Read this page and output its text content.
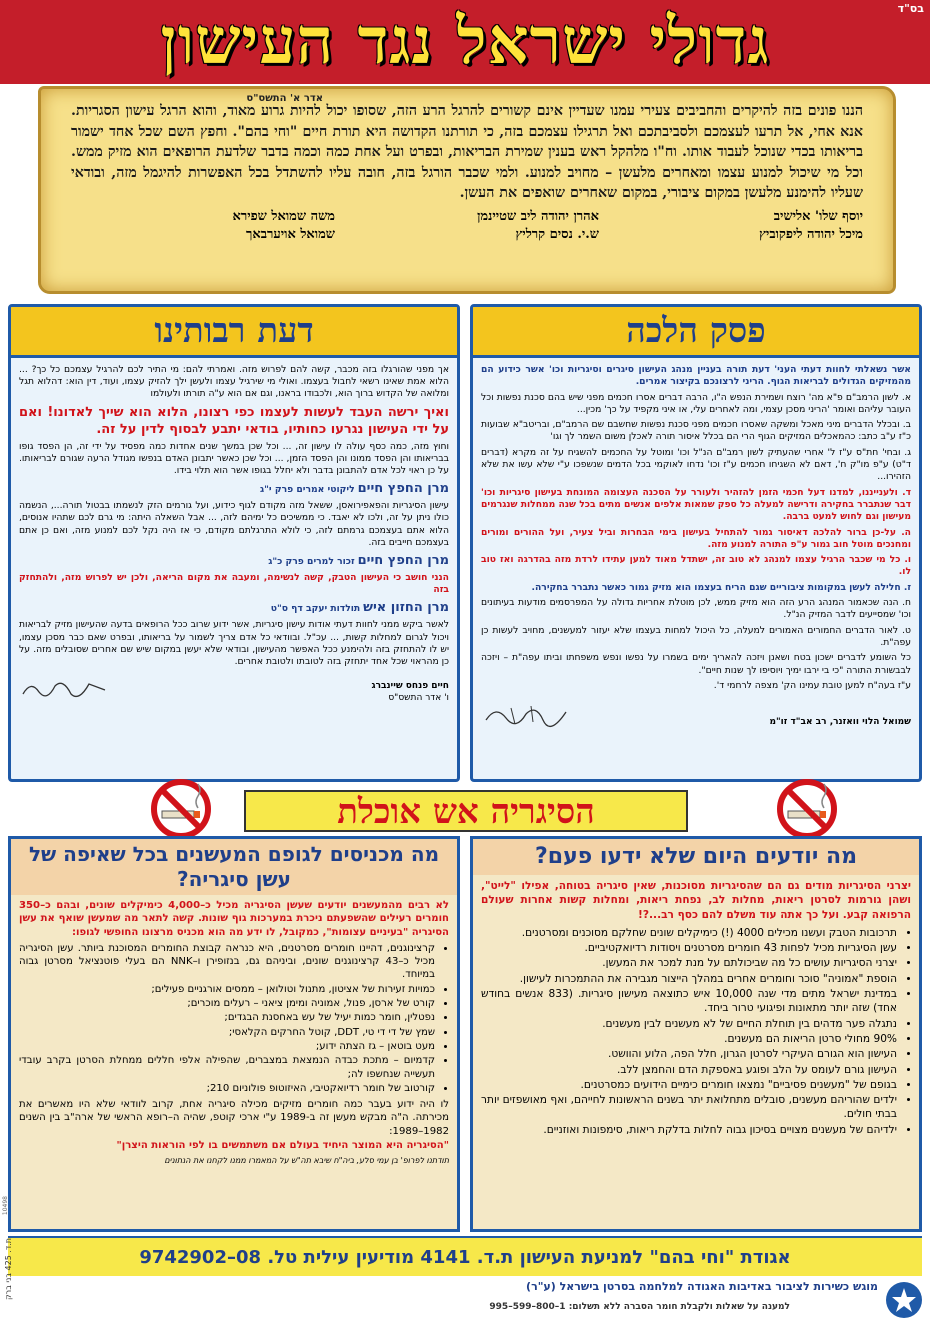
בס"ד
גדולי ישראל נגד העישון
אדר א' התשס"ס
הננו פונים בזה להיקרים והחביבים צעירי עמנו שעדיין אינם קשורים להרגל הרע הזה, שסופו יכול להיות גרוע מאוד, והוא הרגל עישון הסגריות. אנא אחי, אל תרעו לעצמכם ולסביבתכם ואל תרגילו עצמכם בזה, כי תורתנו הקדושה היא תורת חיים "וחי בהם". וחפץ השם שכל אחד ישמור בריאותו בכדי שנוכל לעבוד אותו. וח"ו מלהקל ראש בענין שמירת הבריאות, ובפרט ועל אחת כמה וכמה בדבר שלדעת הרופאים הוא מזיק ממש. וכל מי שיכול למנוע עצמו ומאחרים מלעשן – מחויב למנוע. ולמי שכבר הורגל בזה, חובה עליו להשתדל בכל האפשרות להיגמל מזה, ובודאי שעליו להימנע מלעשן במקום ציבורי, במקום שאחרים שואפים את העשן.
יוסף שלו' אלישיב
אהרן יהודה ליב שטיינמן
משה שמואל שפירא
מיכל יהודה ליפקוביץ
ש.י. נסים קרליץ
שמואל אויערבאך
פסק הלכה

אשר נשאלתי לחוות דעתי העני' דעת תורה בעניין מנהג העישון סיגרים וסיגריות וכו' אשר כידוע הם מהמזיקים הגדולים לבריאות הגוף. הריני לרצונכם בקיצור אמרים.

א. לשון הרמב"ם פ"א מה' רוצח ושמירת הנפש ה"ו, הרבה דברים אסרו חכמים מפני שיש בהם סכנת נפשות וכל העובר עליהם ואומר 'הריני מסכן עצמי, ומה לאחרים עלי, או איני מקפיד על כך' מכין...

ב. ובכלל הדברים מיני מאכל ומשקה שאסרו חכמים מפני סכנת נפשות שחשבם שם הרמב"ם, ובריטב"א שבועות כ"ז ע"ב כתב: כהמאכלים המזיקים הגוף הרי הם בכלל איסור תורה לאכלן משום השמר לך וגו'

ג. ובחי' חת"ס ע"ז ל' אחרי שהעתיק לשון רמב"ם הנ"ל וכו' ומוטל על החכמים להשגיח על זה מקרא (דברים ד"ט) ע"פ מו"ק ח', דאם לא השגיחו חכמים ע"ז וכו' נדחו לאוקמי בכל הדמים שנשפכו ע"י שלא עשו את שלא הזהירו...

ד. ולענייננו, למדנו דעל חכמי הזמן להזהיר ולעורר על הסכנה העצומה המונחת בעישון סיגריות וכו' דבר שנתברר בחקירה ודרישה למעלה כל ספק שמאות אלפים אנשים מתים בכל שנה ממחלות שנגרמים מעישון וגם לחוש למעט ברבה.

ה. על-כן ברור להלכה דאיסור גמור להתחיל בעישון בימי הבחרות וביל צעיר, ועל ההורים ומורים ומחנכים מוטל חוב גמור ע"פ התורה למנוע מזה.

ו. כל מי שכבר הרגיל עצמו למנהג לא טוב זה, ישתדל מאוד למען עתידו לרדת מזה בהדרגה ואז טוב לו.

ז. חלילה לעשן במקומות ציבוריים שגם הריח בעצמו הוא מזיק גמור כאשר נתברר בחקירה.

ח. הנה שכאמור המנהג הרע הזה הוא מזיק ממש, לכן מוטלת אחריות גדולה על המפרסמים מודעות בעיתונים וכו' שמסייעים לדבר המזיק הנ"ל.

ט. לאור הדברים החמורים האמורים למעלה, כל היכול למחות בעצמו שלא יעזור למעשנים, מחויב לעשות כן עפה"ת.

כל השומע לדברים ישכון בטח ושאנן ויזכה להאריך ימים בשמרו על נפשו ונפש משפחתו וביתו עפה"ת – ויזכה לבבשורת התורה "כי בי ירבו ימיך ויוסיפו לך שנות חיים".

ע"ז בעה"ח למען טובת עמינו הק' מצפה לרחמי ד'.

שמואל הלוי וואזנר, רב אב"ד זו"מ
דעת רבותינו

אך מפני שהורגלו בזה מכבר, קשה להם לפרוש מזה. ואמרתי להם: מי התיר לכם להרגיל עצמכם כל כך? ... הלוא אמת שאינו רשאי לחבול בעצמו. ואולי מי שירגיל עצמו ולעשן ילך להזיק עצמו, ועוד, דין הוא: דהלוא תגל ומלואה של הקדוש ברוך הוא, ולכבודו בראנו, וגם אם הוא ע"ה תורתו ולעולמו

ואיך ירשה העבד לעשות לעצמו כפי רצונו, הלוא הוא שייך לאדונו! ואם על ידי העישון נגרעו כחותיו, בודאי יתבע לבסוף לדין על זה.

וחוץ מזה, כמה כסף עולה לו עישון זה, ... וכל שכן במשך שנים אחדות כמה מפסיד על ידי זה, הן הפסד גופו בבריאותו והן הפסד ממונו והן הפסד הזמן, ... וכל שכן כאשר יתבונן האדם בנפשו מגודל הרעה שגורם לבריאותו. על כן ראוי לכל אדם להתבונן בדבר ולא יחלל בגופו אשר הוא תלוי בידו.

מרן החפץ חיים ליקוטי אמרים פרק י"ג

עישון הסיגריות והפאפירואסן, ששאל מזה מקודם לגוף כידוע, ועל גורמים הזק לנשמתו בבטול תורה..., הנשמה כולו ניתן על זה, ולכו לא יאבד. כי ממשיכים כל ימיהם לזה, ... אבל השאלה היתה: מי גרם לכם שתהיו אנוסים, הלוא אתם בעצמכם גרמתם לזה, כי לולא התרגלתם מקודם, כי אז היה נקל לכם למנוע מזה, ואם כן אתם בעצמכם חייבים בזה.

מרן החפץ חיים זכור למרים פרק כ"ג

הנני חושב כי העישון הטבק, קשה לנשימה, ומעבה את מקום הריאה, ולכן יש לפרוש מזה, ולהתחזק בזה

מרן החזון איש תולדות יעקב דף ס"ט

לאשר ביקש ממני לחוות דעתי אודות עישון סיגריות, אשר ידוע שרוב ככל הרופאים בדעה שהעישון מזיק לבריאות ויכול לגרום למחלות קשות, ... עכ"ל. ובוודאי כל אדם צריך לשמור על בריאותו, ובפרט שאם כבר מסכן עצמו, יש לו להתחזק בזה ולהימנע ככל האפשר מהעישון, ובודאי שלא יעשן במקום שיש שם אחרים שסובלים מזה. על כן מהראוי שכל אחד יתחזק בזה לטובתו ולטובת אחרים.

חיים פנחס שיינברג
ו' אדר התשס"ס
הסיגריה אש אוכלת
מה יודעים היום שלא ידעו פעם?

יצרני הסיגריות מודים גם הם שהסיגריות מסוכנות, שאין סיגריה בטוחה, אפילו "לייט", ושהן גורמות לסרטן ריאות, מחלות לב, נפחת ריאות, ומחלות קשות אחרות שעולם הרפואה קבע. ועל כך אתה עוד משלם להם כסף רב...?!

• תרכובות הטבק ועשנו מכילים 4000 (!) כימיקלים שונים שחלקם מסוכנים ומסרטנים.
• עשן הסיגריות מכיל לפחות 43 חומרים מסרטנים ויסודות רדיואקטיביים.
• יצרני הסיגריות עושים כל מה שביכולתם על מנת למכר את המעשן.
• הוספת "אמוניה" סוכר וחומרים אחרים במהלך הייצור מגבירה את ההתמכרות לעישון.
• במדינת ישראל מתים מדי שנה 10,000 איש כתוצאה מעישון סיגריות. (833 אנשים בחודש אחד) שזה יותר מתאונות ופיגועי טרור ביחד.
• נתגלה פער מדהים בין תוחלת החיים של לא מעשנים לבין מעשנים.
• 90% מחולי סרטן הריאות הם מעשנים.
• העישון הוא הגורם העיקרי לסרטן הגרון, חלל הפה, הלוע והוושט.
• העישון גורם לעומס על הלב ופוגע באספקת הדם והחמצן ללב.
• בגופם של "מעשנים פסיביים" נמצאו חומרים כימיים הידועים כמסרטנים.
• ילדים שהוריהם מעשנים, סובלים מתחלואת יתר בשנים הראשונות לחייהם, ואף מאושפזים יותר בבתי חולים.
• ילדיהם של מעשנים מצויים בסיכון גבוה לחלות בדלקת ריאות, סימפונות ואוזניים.
מה מכניסים לגופם המעשנים בכל שאיפה של עשן סיגריה?

לא רבים מהמעשנים יודעים שעשן הסיגריה מכיל כ–4,000 כימיקלים שונים, ובהם כ–350 חומרים רעילים שהשפעתם ניכרת במערכות גוף שונות. קשה לתאר מה שמעשן שואף את עשן הסיגריה "בעיניים עצומות", כמקובל, לו ידע מה הוא מכניס מרצונו החופשי לגופו:

• קרצינוגנים, דהיינו חומרים מסרטנים, היא כנראה קבוצת החומרים המסוכנת ביותר. עשן הסיגריה מכיל כ–43 קרצינוגנים שונים, וביניהם גם, בנזופירן ו–NNK הם בעלי פוטנציאל מסרטן גבוה במיוחד.
• כמויות זעירות של אציטון, מתנול וטולואן – ממסים אורגניים פעילים;
• קורט של ארסן, פנול, אמוניה ומימן ציאני – רעלים מוכרים;
• נפטלין, חומר כמות יעיל של עש באחסנת הבגדים;
• שמץ של די די טי, DDT, קוטל החרקים הקלאסי;
• מעט בוטאן – גז הצתה ידוע;
• קדמיום – מתכת כבדה הנמצאת במצברים, שהפילה אלפי חללים ממחלת הסרטן בקרב עובדי תעשייה שנחשפו לה;
• קורטוב של חומר רדיואקטיבי, האיזוטופ פולוניום 210;

לו היה ידוע בעבר כמה חומרים מזיקים מכילה סיגריה אחת, קרוב לוודאי שלא היו מאשרים את מכירתה. ה"ה מבקש מעשן זה ב-1989 ע"י ארכי קוטפ, שהיה ה–רופא הראשי של ארה"ב בין השנים 1982–1989:

"הסיגריה היא המוצר היחיד בעולם אם משתמשים בו לפי הוראות היצרן"

תודתנו לפרופ' בן עמי סלע, ביה"ח שיבא תה"ש על המאמרו ממנו לקחנו את הנתונים

אגודת "וחי בהם" למניעת העישון ת.ד. 4141 מודיעין עילית טל. 08–9742902
מוגש כשירות לציבור באדיבות האגודה למלחמה בסרטן בישראל (ע"ר)
למענה על שאלות ולקבלת חומר הסברה ללא תשלום: 1–800–599–995
ת.ד. 425 בני ברק
10498
